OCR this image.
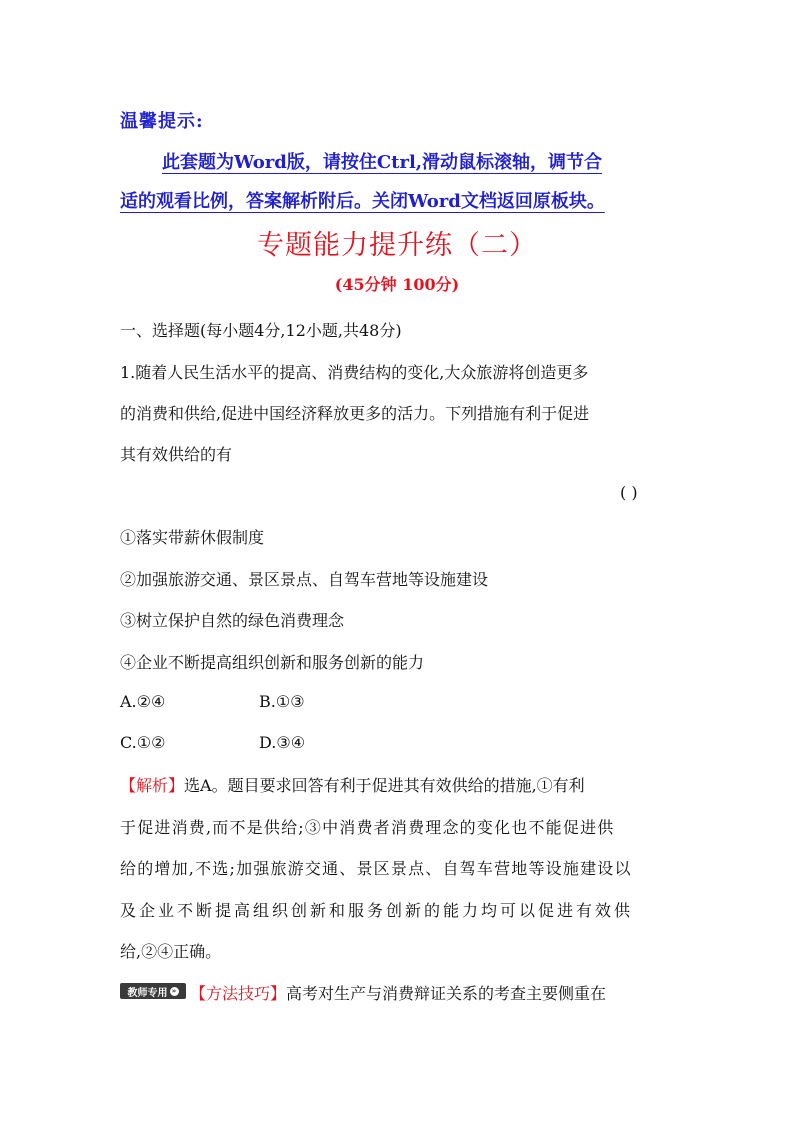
温馨提示:
此套题为Word版，请按住Ctrl,滑动鼠标滚轴，调节合
适的观看比例，答案解析附后。关闭Word文档返回原板块。
专题能力提升练（二）
(45分钟 100分)
一、选择题(每小题4分,12小题,共48分)
1.随着人民生活水平的提高、消费结构的变化,大众旅游将创造更多
的消费和供给,促进中国经济释放更多的活力。下列措施有利于促进
其有效供给的有
( )
①落实带薪休假制度
②加强旅游交通、景区景点、自驾车营地等设施建设
③树立保护自然的绿色消费理念
④企业不断提高组织创新和服务创新的能力
A.②④	B.①③
C.①②	D.③④
【解析】选A。题目要求回答有利于促进其有效供给的措施,①有利
于促进消费,而不是供给;③中消费者消费理念的变化也不能促进供
给的增加,不选;加强旅游交通、景区景点、自驾车营地等设施建设以
及企业不断提高组织创新和服务创新的能力均可以促进有效供
给,②④正确。
教师专用 » 【方法技巧】高考对生产与消费辩证关系的考查主要侧重在
